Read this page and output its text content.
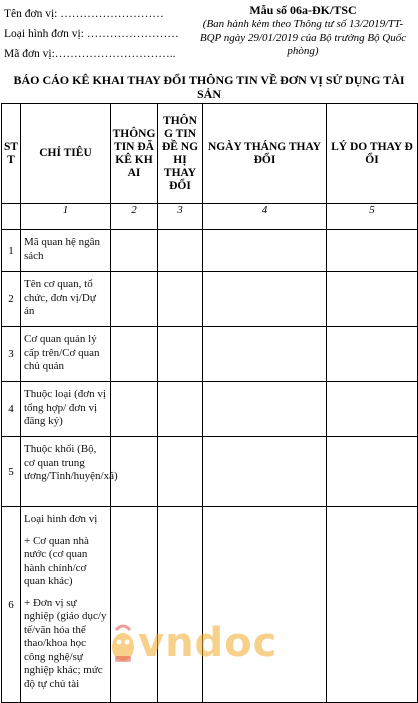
Tên đơn vị: ………………………
Loại hình đơn vị: ……………………
Mã đơn vị:…………………………..
Mẫu số 06a-ĐK/TSC
(Ban hành kèm theo Thông tư số 13/2019/TT-BQP ngày 29/01/2019 của Bộ trưởng Bộ Quốc phòng)
BÁO CÁO KÊ KHAI THAY ĐỔI THÔNG TIN VỀ ĐƠN VỊ SỬ DỤNG TÀI SẢN
ST T	CHỈ TIÊU	THÔNG TIN ĐÃ KÊ KH AI	THÔN G TIN ĐỀ NG HỊ THAY ĐỔI	NGÀY THÁNG THAY ĐỔI	LÝ DO THAY Đ ỔI
	1	2	3	4	5
1	Mã quan hệ ngân sách				
2	Tên cơ quan, tổ chức, đơn vị/Dự án				
3	Cơ quan quản lý cấp trên/Cơ quan chủ quản				
4	Thuộc loại (đơn vị tổng hợp/ đơn vị đăng ký)				
5	Thuộc khối (Bộ, cơ quan trung ương/Tỉnh/huyện/xã)				
6	Loại hình đơn vị

+ Cơ quan nhà nước (cơ quan hành chính/cơ quan khác)

+ Đơn vị sự nghiệp (giáo dục/y tế/văn hóa thể thao/khoa học công nghệ/sự nghiệp khác; mức độ tự chủ tài				

vndoc
